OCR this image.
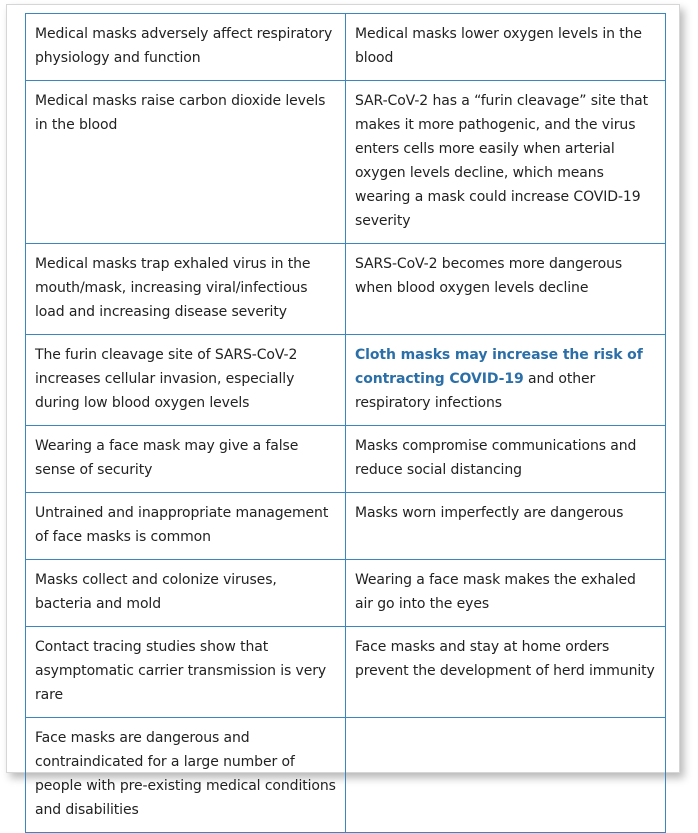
Medical masks adversely affect respiratory physiology and function	Medical masks lower oxygen levels in the blood
Medical masks raise carbon dioxide levels in the blood	SAR-CoV-2 has a “furin cleavage” site that makes it more pathogenic, and the virus enters cells more easily when arterial oxygen levels decline, which means wearing a mask could increase COVID-19 severity
Medical masks trap exhaled virus in the mouth/mask, increasing viral/infectious load and increasing disease severity	SARS-CoV-2 becomes more dangerous when blood oxygen levels decline
The furin cleavage site of SARS-CoV-2 increases cellular invasion, especially during low blood oxygen levels	Cloth masks may increase the risk of contracting COVID-19 and other respiratory infections
Wearing a face mask may give a false sense of security	Masks compromise communications and reduce social distancing
Untrained and inappropriate management of face masks is common	Masks worn imperfectly are dangerous
Masks collect and colonize viruses, bacteria and mold	Wearing a face mask makes the exhaled air go into the eyes
Contact tracing studies show that asymptomatic carrier transmission is very rare	Face masks and stay at home orders prevent the development of herd immunity
Face masks are dangerous and contraindicated for a large number of people with pre-existing medical conditions and disabilities	
